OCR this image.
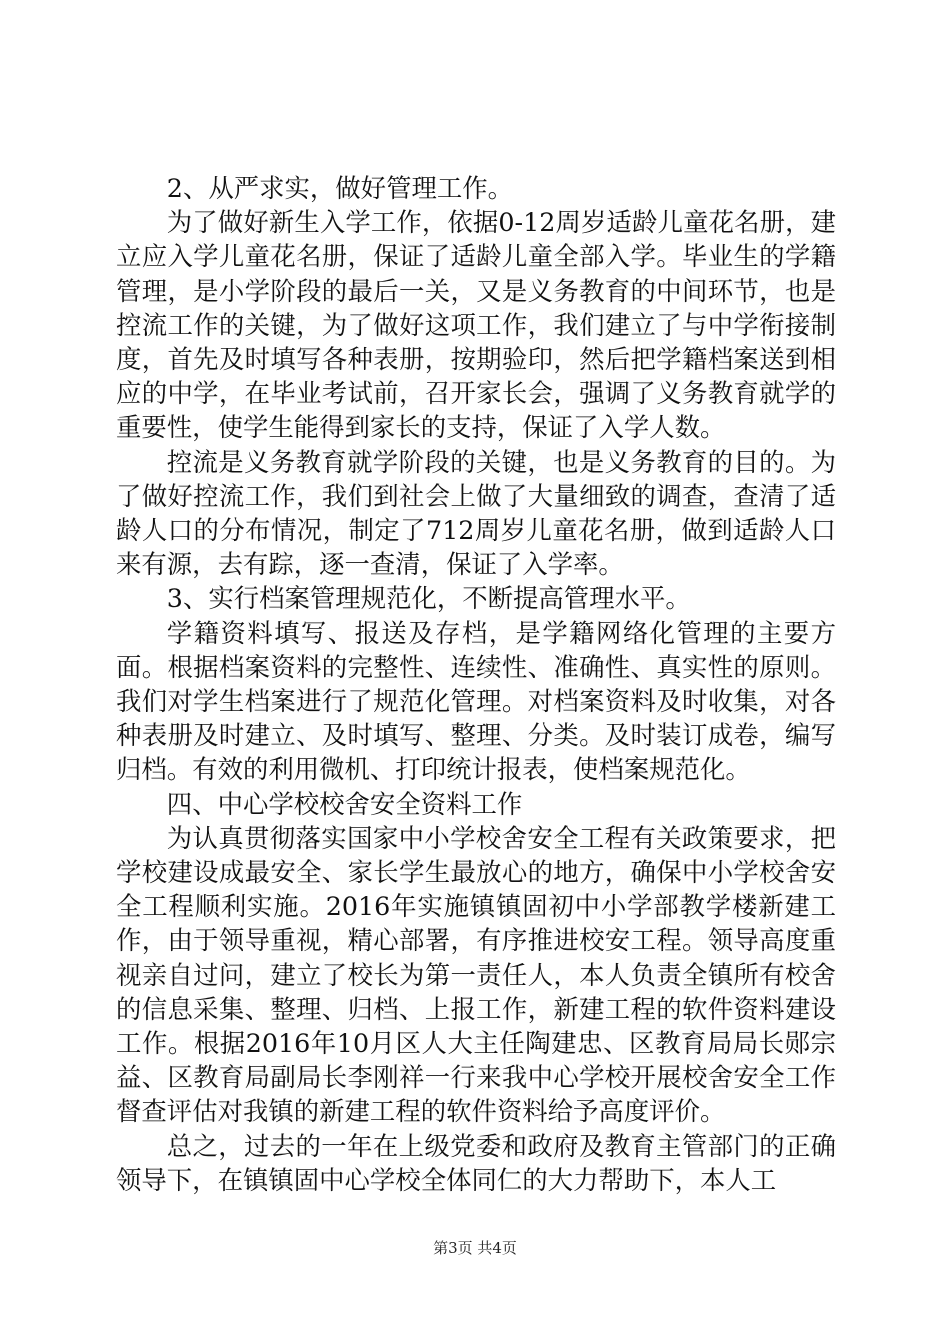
2、从严求实，做好管理工作。

为了做好新生入学工作，依据0-12周岁适龄儿童花名册，建立应入学儿童花名册，保证了适龄儿童全部入学。毕业生的学籍管理，是小学阶段的最后一关，又是义务教育的中间环节，也是控流工作的关键，为了做好这项工作，我们建立了与中学衔接制度，首先及时填写各种表册，按期验印，然后把学籍档案送到相应的中学，在毕业考试前，召开家长会，强调了义务教育就学的重要性，使学生能得到家长的支持，保证了入学人数。

控流是义务教育就学阶段的关键，也是义务教育的目的。为了做好控流工作，我们到社会上做了大量细致的调查，查清了适龄人口的分布情况，制定了712周岁儿童花名册，做到适龄人口来有源，去有踪，逐一查清，保证了入学率。

3、实行档案管理规范化，不断提高管理水平。

学籍资料填写、报送及存档，是学籍网络化管理的主要方面。根据档案资料的完整性、连续性、准确性、真实性的原则。我们对学生档案进行了规范化管理。对档案资料及时收集，对各种表册及时建立、及时填写、整理、分类。及时装订成卷，编写归档。有效的利用微机、打印统计报表，使档案规范化。

四、中心学校校舍安全资料工作

为认真贯彻落实国家中小学校舍安全工程有关政策要求，把学校建设成最安全、家长学生最放心的地方，确保中小学校舍安全工程顺利实施。2016年实施镇镇固初中小学部教学楼新建工作，由于领导重视，精心部署，有序推进校安工程。领导高度重视亲自过问，建立了校长为第一责任人，本人负责全镇所有校舍的信息采集、整理、归档、上报工作，新建工程的软件资料建设工作。根据2016年10月区人大主任陶建忠、区教育局局长郧宗益、区教育局副局长李刚祥一行来我中心学校开展校舍安全工作督查评估对我镇的新建工程的软件资料给予高度评价。

总之，过去的一年在上级党委和政府及教育主管部门的正确领导下，在镇镇固中心学校全体同仁的大力帮助下，本人工

第3页 共4页
